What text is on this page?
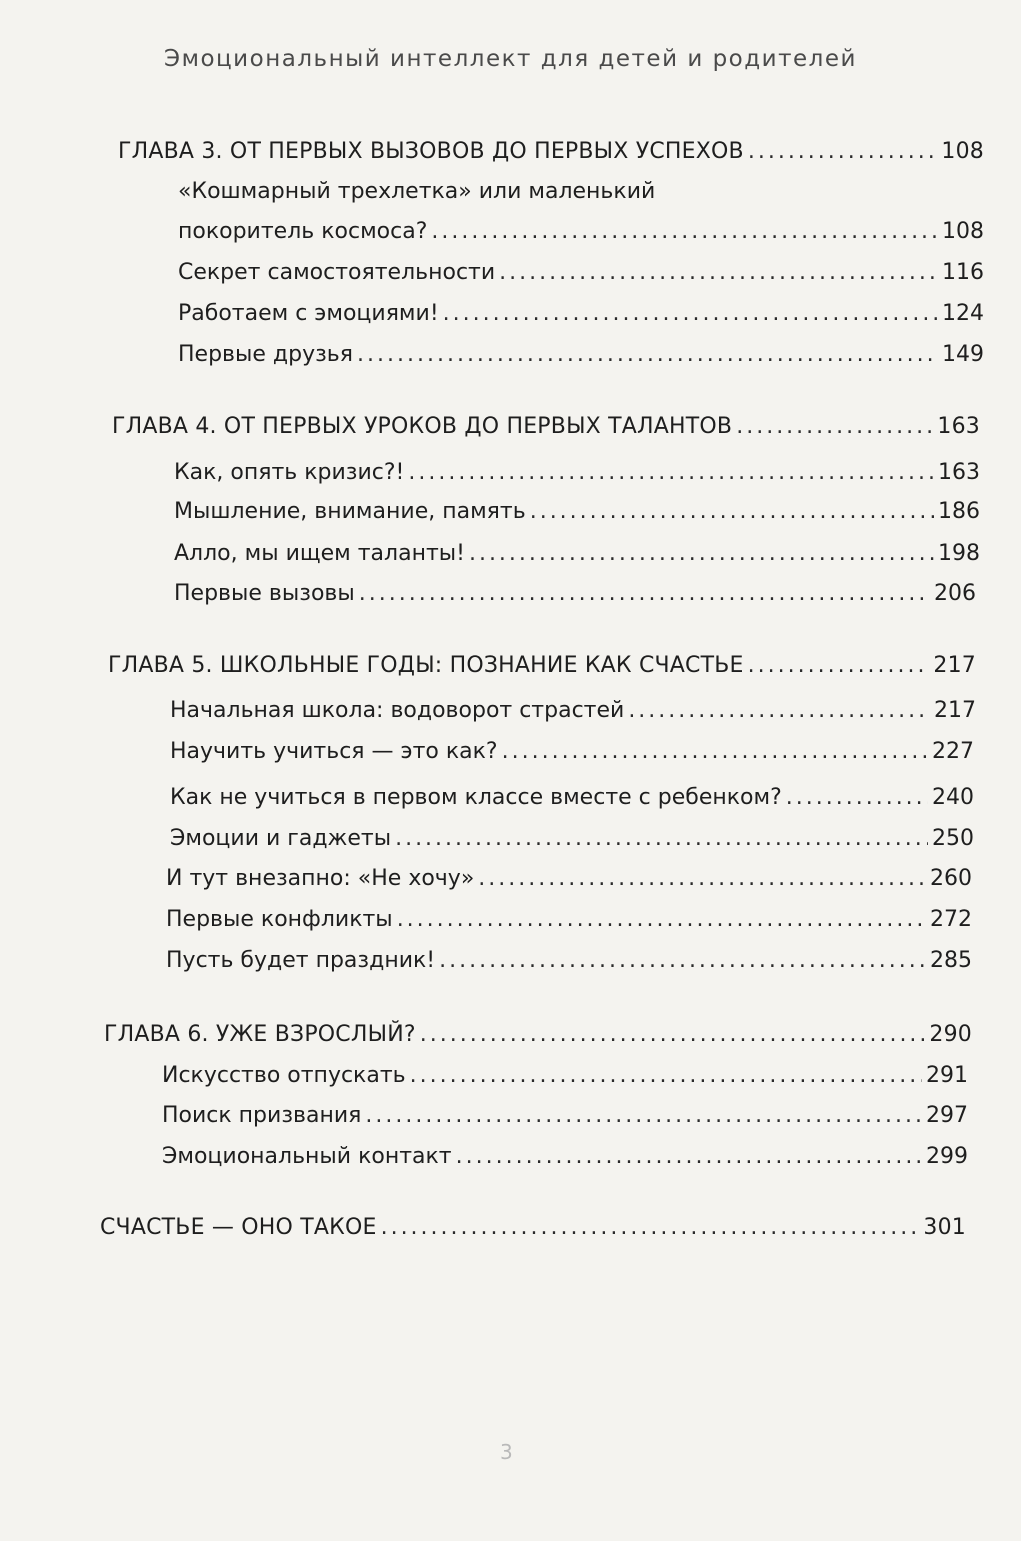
Эмоциональный интеллект для детей и родителей
ГЛАВА 3. ОТ ПЕРВЫХ ВЫЗОВОВ ДО ПЕРВЫХ УСПЕХОВ .....	108
«Кошмарный трехлетка» или маленький
покоритель космоса? .....	108
Секрет самостоятельности .....	116
Работаем с эмоциями! .....	124
Первые друзья .....	149
ГЛАВА 4. ОТ ПЕРВЫХ УРОКОВ ДО ПЕРВЫХ ТАЛАНТОВ .....	163
Как, опять кризис?! .....	163
Мышление, внимание, память .....	186
Алло, мы ищем таланты! .....	198
Первые вызовы .....	206
ГЛАВА 5. ШКОЛЬНЫЕ ГОДЫ: ПОЗНАНИЕ КАК СЧАСТЬЕ .....	217
Начальная школа: водоворот страстей .....	217
Научить учиться — это как? .....	227
Как не учиться в первом классе вместе с ребенком? .....	240
Эмоции и гаджеты .....	250
И тут внезапно: «Не хочу» .....	260
Первые конфликты .....	272
Пусть будет праздник! .....	285
ГЛАВА 6. УЖЕ ВЗРОСЛЫЙ? .....	290
Искусство отпускать .....	291
Поиск призвания .....	297
Эмоциональный контакт .....	299
СЧАСТЬЕ — ОНО ТАКОЕ .....	301
3
